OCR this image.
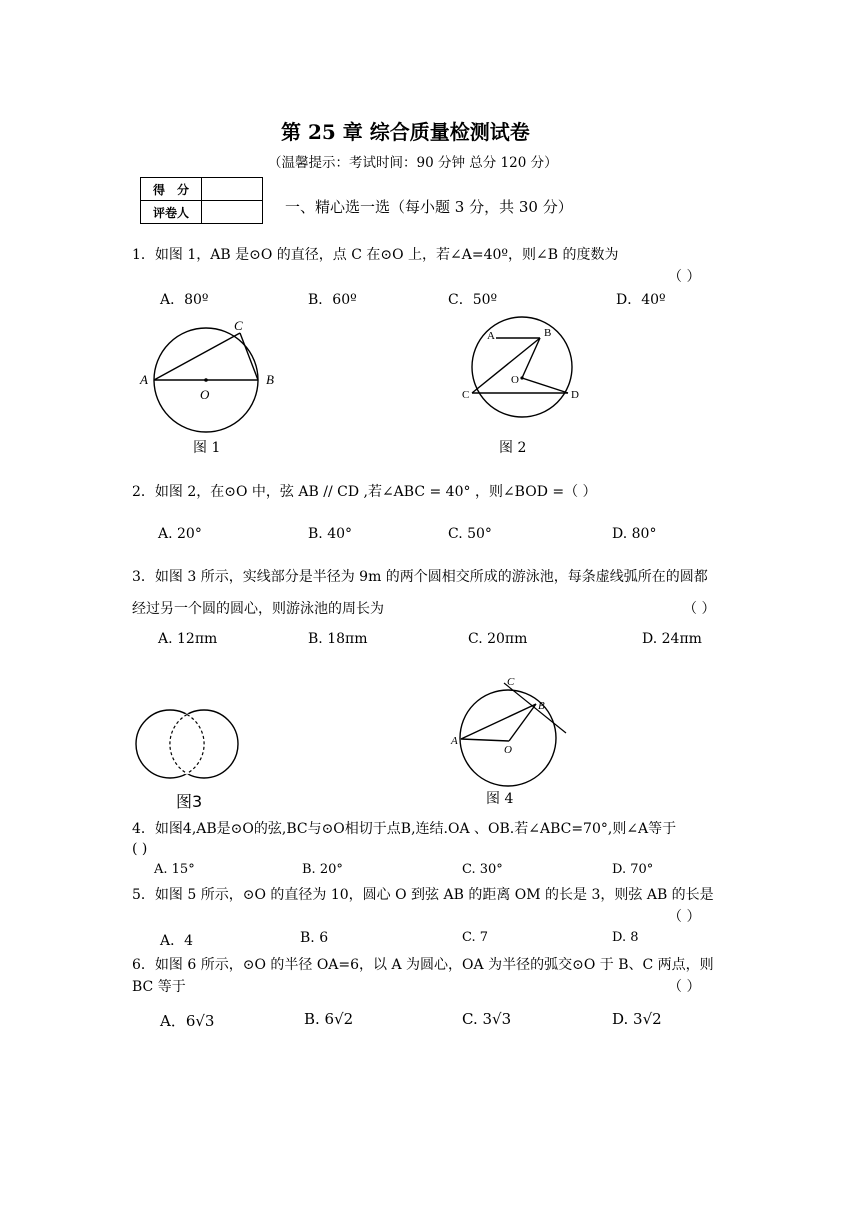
第 25 章 综合质量检测试卷
（温馨提示：考试时间：90 分钟 总分 120 分）
得　分	
评卷人		一、精心选一选（每小题 3 分，共 30 分）
1．如图 1，AB 是⊙O 的直径，点 C 在⊙O 上，若∠A=40º，则∠B 的度数为
（ ）
A．80º	B．60º	C．50º	D．40º
A	B
C
O
图 1
A	B
C	D
O
图 2
2．如图 2，在⊙O 中，弦 AB // CD ,若∠ABC = 40° ，则∠BOD =（ ）
A. 20°	B. 40°	C. 50°	D. 80°
3．如图 3 所示，实线部分是半径为 9m 的两个圆相交所成的游泳池，每条虚线弧所在的圆都
经过另一个圆的圆心，则游泳池的周长为	（ ）
A. 12πm	B. 18πm	C. 20πm	D. 24πm
图3
A
B
C
O
图 4
4．如图4,AB是⊙O的弦,BC与⊙O相切于点B,连结.OA 、OB.若∠ABC=70°,则∠A等于
( )
A. 15°	B. 20°	C. 30°	D. 70°
5．如图 5 所示，⊙O 的直径为 10，圆心 O 到弦 AB 的距离 OM 的长是 3，则弦 AB 的长是
（ ）
A．4	B. 6	C. 7	D. 8
6．如图 6 所示，⊙O 的半径 OA=6，以 A 为圆心，OA 为半径的弧交⊙O 于 B、C 两点，则
BC 等于	（ ）
A．6√3	B. 6√2	C. 3√3	D. 3√2
